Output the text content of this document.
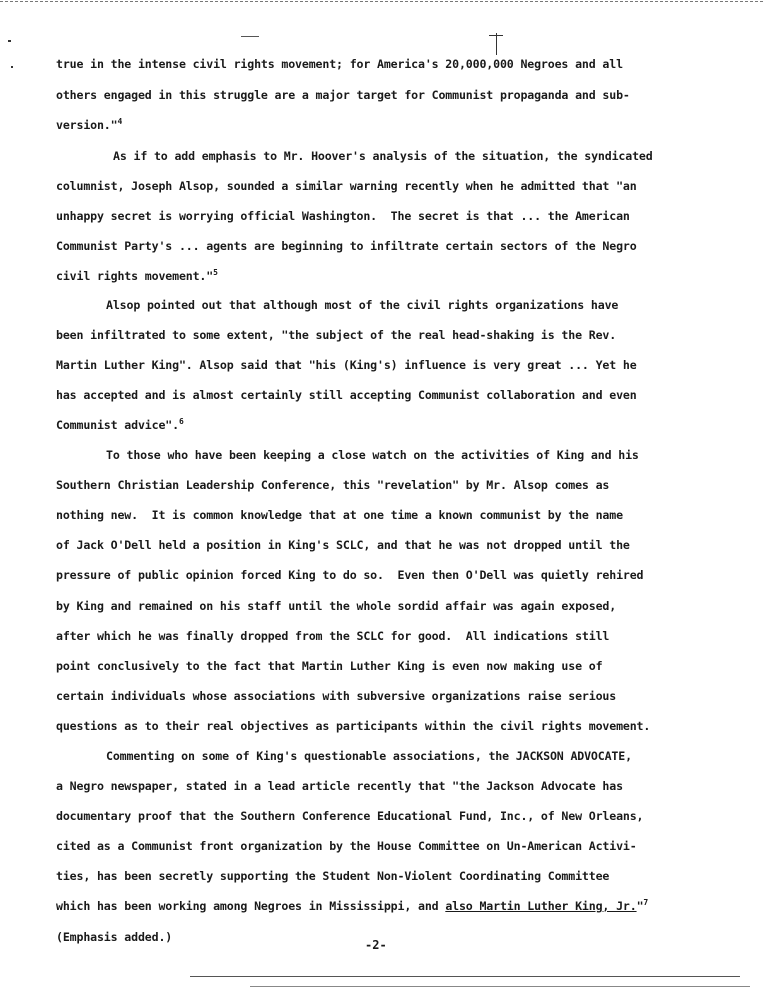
true in the intense civil rights movement; for America's 20,000,000 Negroes and all
others engaged in this struggle are a major target for Communist propaganda and sub-
version."$^4$
As if to add emphasis to Mr. Hoover's analysis of the situation, the syndicated
columnist, Joseph Alsop, sounded a similar warning recently when he admitted that "an
unhappy secret is worrying official Washington.  The secret is that ... the American
Communist Party's ... agents are beginning to infiltrate certain sectors of the Negro
civil rights movement."$^5$
Alsop pointed out that although most of the civil rights organizations have
been infiltrated to some extent, "the subject of the real head-shaking is the Rev.
Martin Luther King". Alsop said that "his (King's) influence is very great ... Yet he
has accepted and is almost certainly still accepting Communist collaboration and even
Communist advice".$^6$
To those who have been keeping a close watch on the activities of King and his
Southern Christian Leadership Conference, this "revelation" by Mr. Alsop comes as
nothing new.  It is common knowledge that at one time a known communist by the name
of Jack O'Dell held a position in King's SCLC, and that he was not dropped until the
pressure of public opinion forced King to do so.  Even then O'Dell was quietly rehired
by King and remained on his staff until the whole sordid affair was again exposed,
after which he was finally dropped from the SCLC for good.  All indications still
point conclusively to the fact that Martin Luther King is even now making use of
certain individuals whose associations with subversive organizations raise serious
questions as to their real objectives as participants within the civil rights movement.
Commenting on some of King's questionable associations, the JACKSON ADVOCATE,
a Negro newspaper, stated in a lead article recently that "the Jackson Advocate has
documentary proof that the Southern Conference Educational Fund, Inc., of New Orleans,
cited as a Communist front organization by the House Committee on Un-American Activi-
ties, has been secretly supporting the Student Non-Violent Coordinating Committee
which has been working among Negroes in Mississippi, and also Martin Luther King, Jr."$^7$
(Emphasis added.)
-2-
